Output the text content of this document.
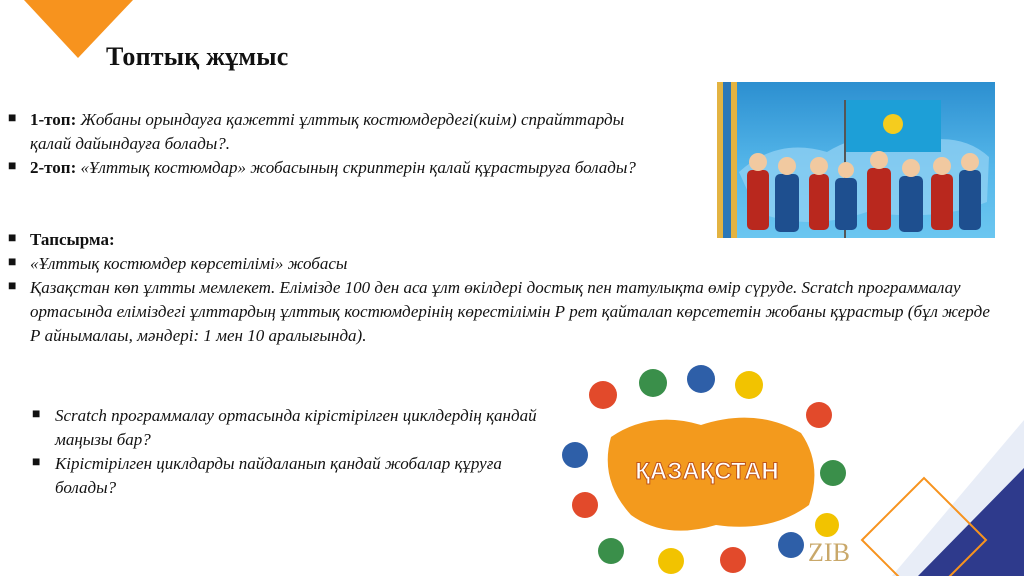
Топтық жұмыс
■ 1-топ: Жобаны орындауға қажетті ұлттық костюмдердегі(киім) спрайттарды қалай дайындауға болады?.
■ 2-топ: «Ұлттық костюмдар» жобасының скриптерін қалай құрастыруға болады?
■ Тапсырма:
■ «Ұлттық костюмдер көрсетілімі» жобасы
■ Қазақстан көп ұлтты мемлекет. Елімізде 100 ден аса ұлт өкілдері достық пен татулықта өмір сүруде. Scratch программалау ортасында еліміздегі ұлттардың ұлттық костюмдерінің көрестілімін Р рет қайталап көрсететін жобаны құрастыр (бұл жерде Р айнымалаы, мәндері: 1 мен 10 аралығында).
■ Scratch программалау ортасында кірістірілген циклдердің қандай маңызы бар?
■ Кірістірілген циклдарды пайдаланып қандай жобалар құруға болады?
ҚАЗАҚСТАН
ZIB
